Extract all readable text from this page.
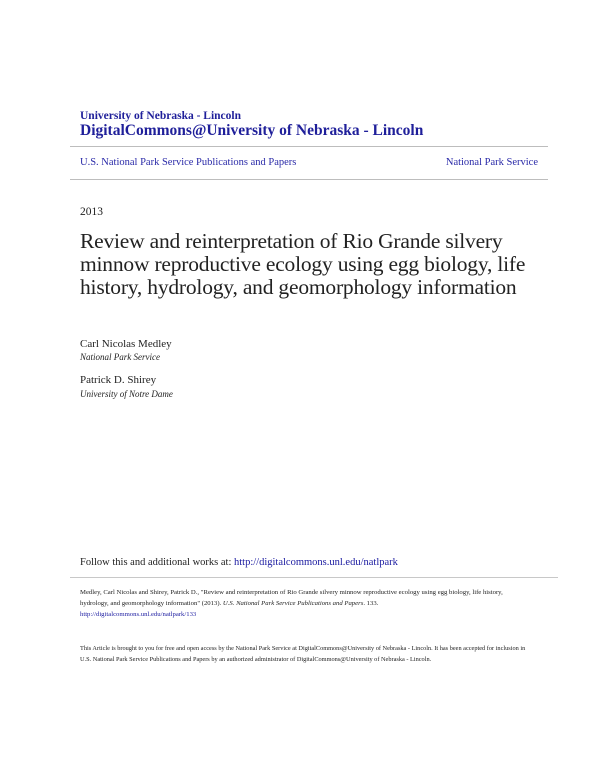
University of Nebraska - Lincoln
DigitalCommons@University of Nebraska - Lincoln
U.S. National Park Service Publications and Papers	National Park Service
2013
Review and reinterpretation of Rio Grande silvery minnow reproductive ecology using egg biology, life history, hydrology, and geomorphology information
Carl Nicolas Medley
National Park Service
Patrick D. Shirey
University of Notre Dame
Follow this and additional works at: http://digitalcommons.unl.edu/natlpark
Medley, Carl Nicolas and Shirey, Patrick D., "Review and reinterpretation of Rio Grande silvery minnow reproductive ecology using egg biology, life history, hydrology, and geomorphology information" (2013). U.S. National Park Service Publications and Papers. 133.
http://digitalcommons.unl.edu/natlpark/133
This Article is brought to you for free and open access by the National Park Service at DigitalCommons@University of Nebraska - Lincoln. It has been accepted for inclusion in U.S. National Park Service Publications and Papers by an authorized administrator of DigitalCommons@University of Nebraska - Lincoln.
